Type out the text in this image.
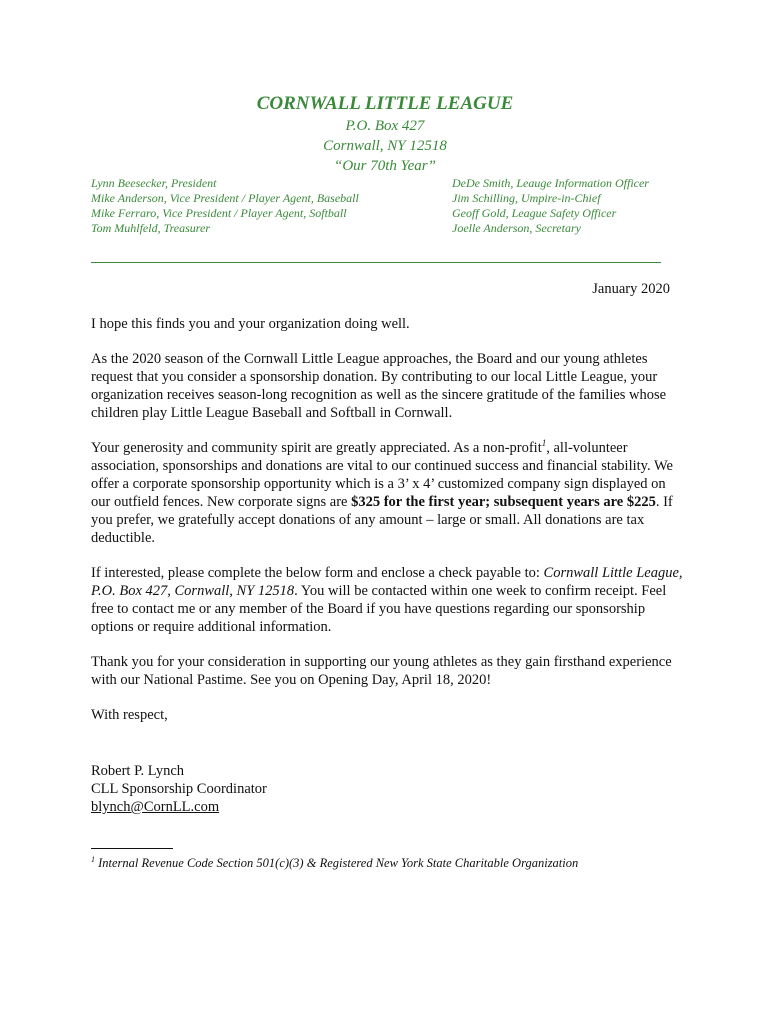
CORNWALL LITTLE LEAGUE
P.O. Box 427
Cornwall, NY 12518
“Our 70th Year”
Lynn Beesecker, President
Mike Anderson, Vice President / Player Agent, Baseball
Mike Ferraro, Vice President / Player Agent, Softball
Tom Muhlfeld, Treasurer
DeDe Smith, Leauge Information Officer
Jim Schilling, Umpire-in-Chief
Geoff Gold, League Safety Officer
Joelle Anderson, Secretary
January 2020

I hope this finds you and your organization doing well.

As the 2020 season of the Cornwall Little League approaches, the Board and our young athletes request that you consider a sponsorship donation. By contributing to our local Little League, your organization receives season-long recognition as well as the sincere gratitude of the families whose children play Little League Baseball and Softball in Cornwall.

Your generosity and community spirit are greatly appreciated. As a non-profit$^1$, all-volunteer association, sponsorships and donations are vital to our continued success and financial stability. We offer a corporate sponsorship opportunity which is a 3’ x 4’ customized company sign displayed on our outfield fences. New corporate signs are $325 for the first year; subsequent years are $225. If you prefer, we gratefully accept donations of any amount – large or small. All donations are tax deductible.

If interested, please complete the below form and enclose a check payable to: Cornwall Little League, P.O. Box 427, Cornwall, NY 12518. You will be contacted within one week to confirm receipt. Feel free to contact me or any member of the Board if you have questions regarding our sponsorship options or require additional information.

Thank you for your consideration in supporting our young athletes as they gain firsthand experience with our National Pastime. See you on Opening Day, April 18, 2020!

With respect,

Robert P. Lynch
CLL Sponsorship Coordinator
blynch@CornLL.com
$^1$ Internal Revenue Code Section 501(c)(3) & Registered New York State Charitable Organization
